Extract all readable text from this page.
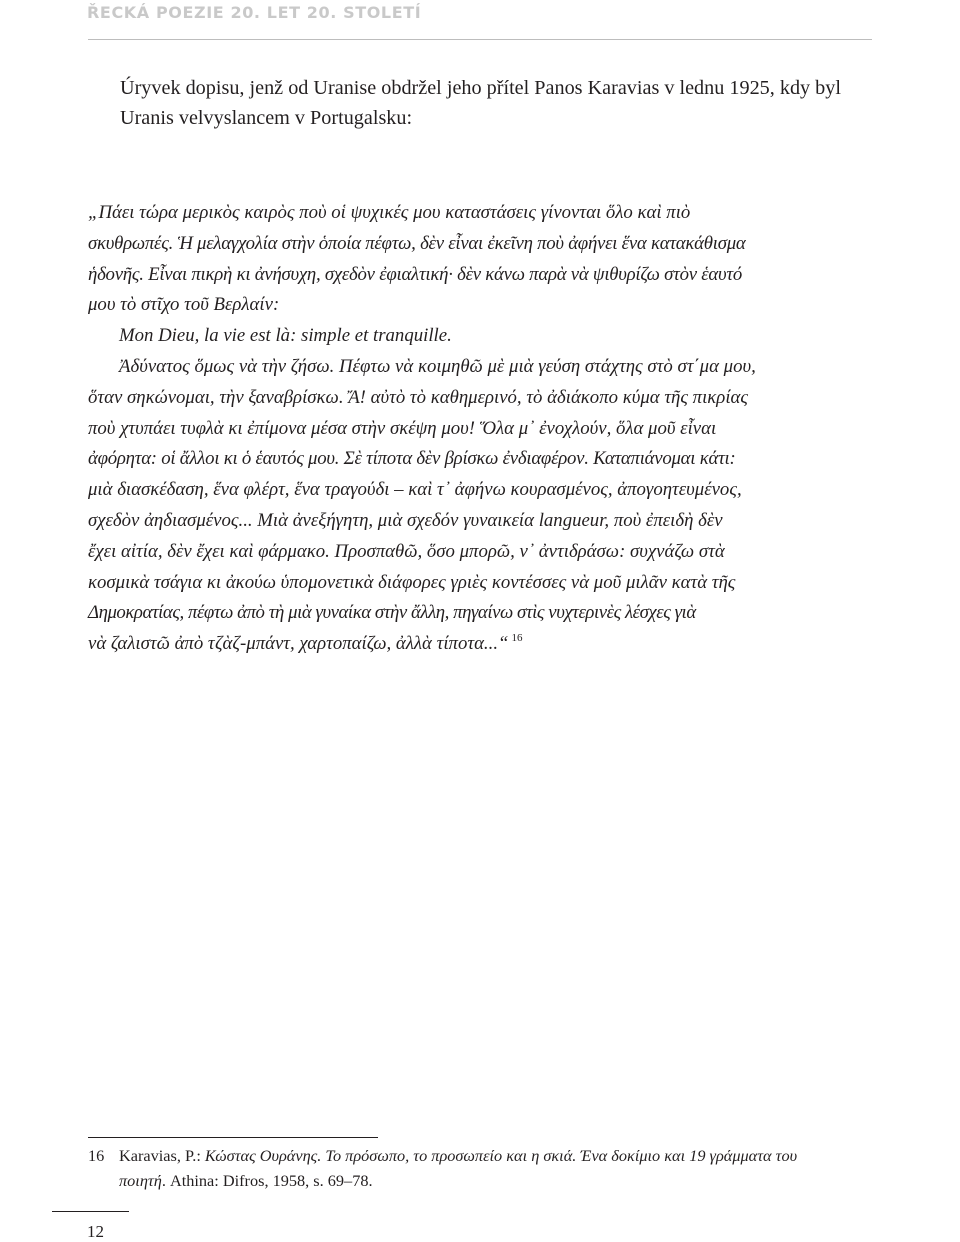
ŘECKÁ POEZIE 20. LET 20. STOLETÍ

Úryvek dopisu, jenž od Uranise obdržel jeho přítel Panos Karavias v lednu 1925, kdy byl Uranis velvyslancem v Portugalsku:

„Πάει τώρα μερικὸς καιρὸς ποὺ οἱ ψυχικές μου καταστάσεις γίνονται ὅλο καὶ πιὸ
σκυθρωπές. Ἡ μελαγχολία στὴν ὁποία πέφτω, δὲν εἶναι ἐκεῖνη ποὺ ἀφήνει ἕνα κατακάθισμα
ἡδονῆς. Εἶναι πικρὴ κι ἀνήσυχη, σχεδὸν ἐφιαλτική· δὲν κάνω παρὰ νὰ ψιθυρίζω στὸν ἑαυτό
μου τὸ στῖχο τοῦ Βερλαίν:
Mon Dieu, la vie est là: simple et tranquille.
Ἀδύνατος ὅμως νὰ τὴν ζήσω. Πέφτω νὰ κοιμηθῶ μὲ μιὰ γεύση στάχτης στὸ στ΄μα μου,
ὅταν σηκώνομαι, τὴν ξαναβρίσκω. Ἄ! αὐτὸ τὸ καθημερινό, τὸ ἀδιάκοπο κύμα τῆς πικρίας
ποὺ χτυπάει τυφλὰ κι ἐπίμονα μέσα στὴν σκέψη μου! Ὅλα μ᾽ ἐνοχλούν, ὅλα μοῦ εἶναι
ἀφόρητα: οἱ ἄλλοι κι ὁ ἑαυτός μου. Σὲ τίποτα δὲν βρίσκω ἐνδιαφέρον. Καταπιάνομαι κάτι:
μιὰ διασκέδαση, ἕνα φλέρτ, ἕνα τραγούδι – καὶ τ᾽ ἀφήνω κουρασμένος, ἀπογοητευμένος,
σχεδὸν ἀηδιασμένος... Μιὰ ἀνεξήγητη, μιὰ σχεδόν γυναικεία langueur, ποὺ ἐπειδὴ δὲν
ἔχει αἰτία, δὲν ἔχει καὶ φάρμακο. Προσπαθῶ, ὅσο μπορῶ, ν᾽ ἀντιδράσω: συχνάζω στὰ
κοσμικὰ τσάγια κι ἀκούω ὑπομονετικὰ διάφορες γριὲς κοντέσσες νὰ μοῦ μιλᾶν κατὰ τῆς
Δημοκρατίας, πέφτω ἀπὸ τὴ μιὰ γυναίκα στὴν ἄλλη, πηγαίνω στὶς νυχτερινὲς λέσχες γιὰ
νὰ ζαλιστῶ ἀπὸ τζὰζ-μπάντ, χαρτοπαίζω, ἀλλὰ τίποτα...“ $^{16}$
16 Karavias, P.: Κώστας Ουράνης. Το πρόσωπο, το προσωπείο και η σκιά. Ένα δοκίμιο και 19 γράμματα του
ποιητή. Athina: Difros, 1958, s. 69–78.
12
